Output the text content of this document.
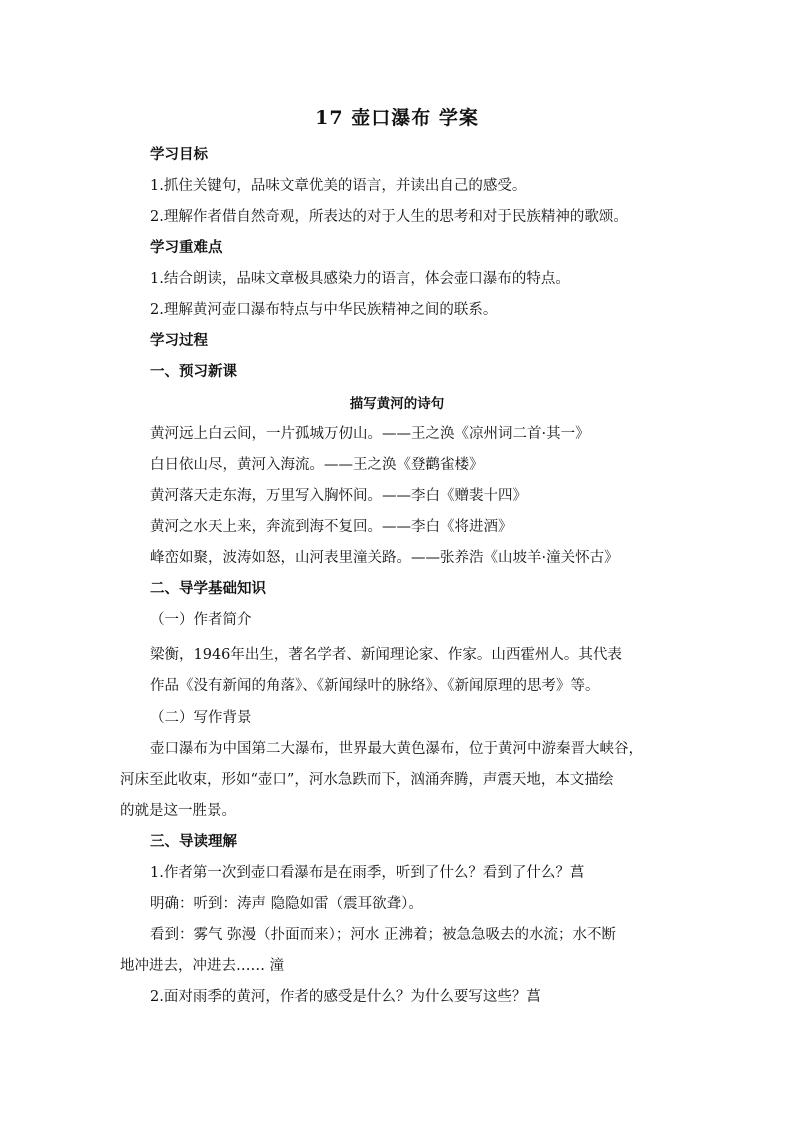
17 壶口瀑布 学案
学习目标
1.抓住关键句，品味文章优美的语言，并读出自己的感受。
2.理解作者借自然奇观，所表达的对于人生的思考和对于民族精神的歌颂。
学习重难点
1.结合朗读，品味文章极具感染力的语言，体会壶口瀑布的特点。
2.理解黄河壶口瀑布特点与中华民族精神之间的联系。
学习过程
一、预习新课
描写黄河的诗句
黄河远上白云间，一片孤城万仞山。——王之涣《凉州词二首·其一》
白日依山尽，黄河入海流。——王之涣《登鹳雀楼》
黄河落天走东海，万里写入胸怀间。——李白《赠裴十四》
黄河之水天上来，奔流到海不复回。——李白《将进酒》
峰峦如聚，波涛如怒，山河表里潼关路。——张养浩《山坡羊·潼关怀古》
二、导学基础知识
（一）作者简介
梁衡，1946年出生，著名学者、新闻理论家、作家。山西霍州人。其代表
作品《没有新闻的角落》、《新闻绿叶的脉络》、《新闻原理的思考》等。
（二）写作背景
壶口瀑布为中国第二大瀑布，世界最大黄色瀑布，位于黄河中游秦晋大峡谷，
河床至此收束，形如“壶口”，河水急跌而下，汹涌奔腾，声震天地，本文描绘
的就是这一胜景。
三、导读理解
1.作者第一次到壶口看瀑布是在雨季，听到了什么？看到了什么？菖
明确：听到：涛声 隐隐如雷（震耳欲聋）。
看到：雾气 弥漫（扑面而来）；河水 正沸着；被急急吸去的水流；水不断
地冲进去，冲进去…… 潼
2.面对雨季的黄河，作者的感受是什么？为什么要写这些？菖
